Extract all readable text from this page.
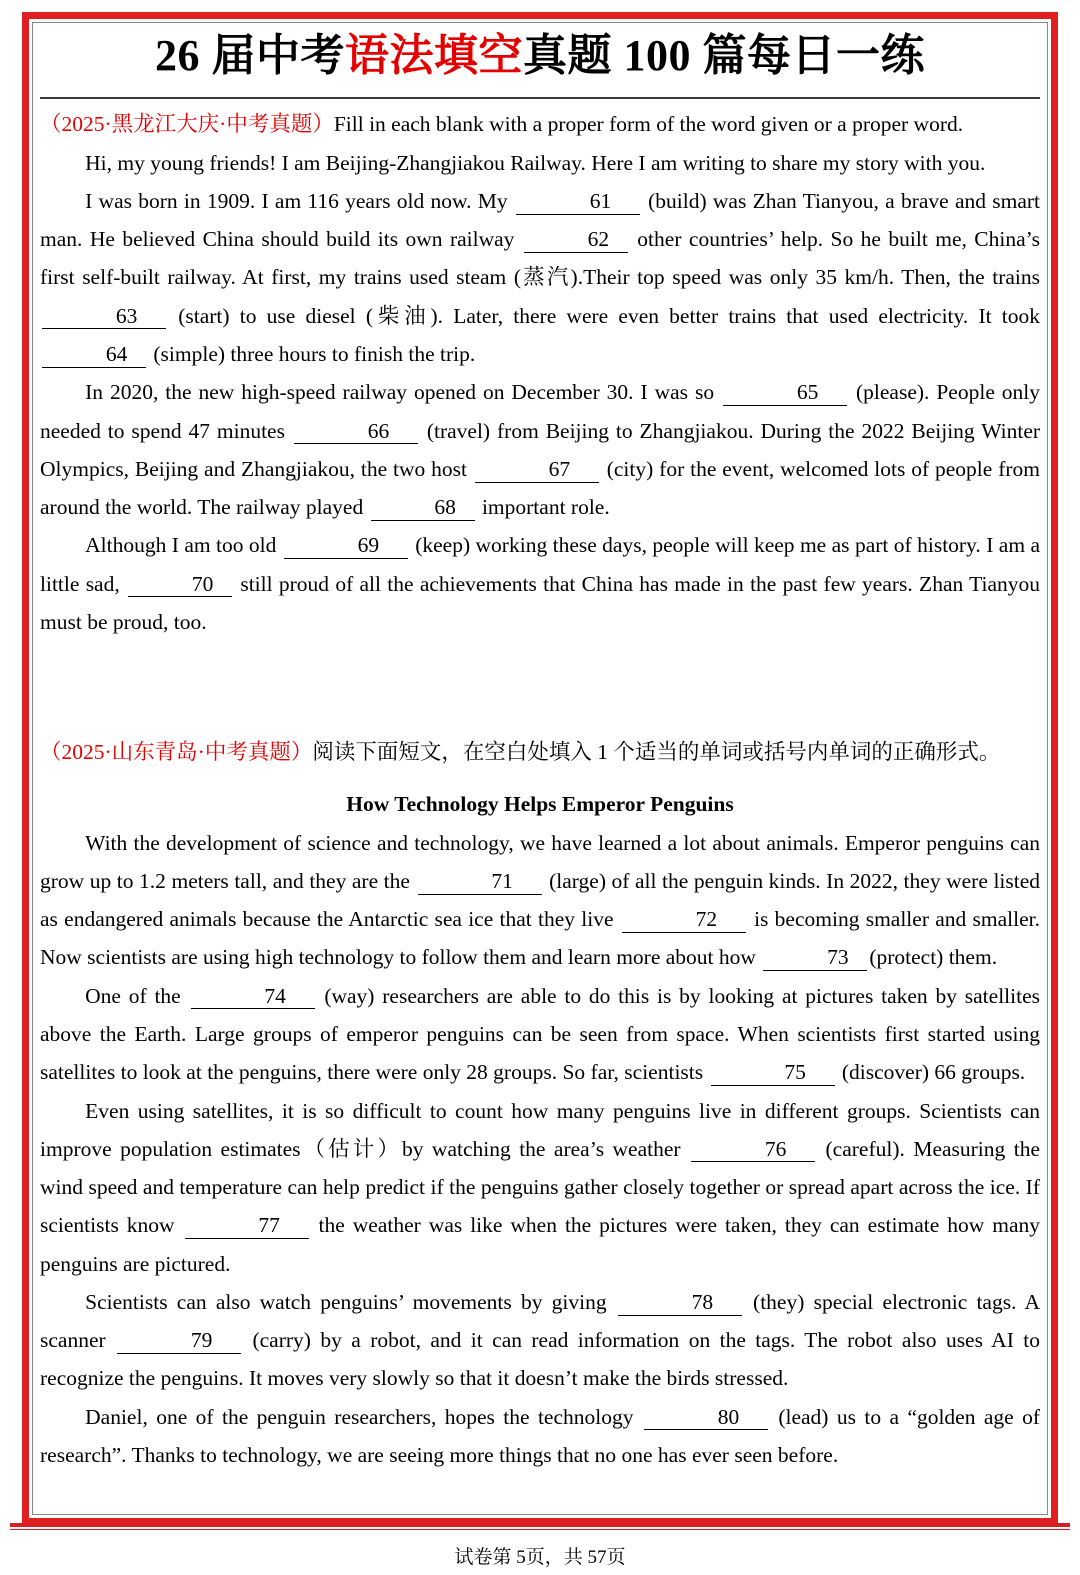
26 届中考语法填空真题 100 篇每日一练

（2025·黑龙江大庆·中考真题）Fill in each blank with a proper form of the word given or a proper word.

Hi, my young friends! I am Beijing-Zhangjiakou Railway. Here I am writing to share my story with you.

I was born in 1909. I am 116 years old now. My	61 (build) was Zhan Tianyou, a brave and smart man. He believed China should build its own railway	62 other countries’ help. So he built me, China’s first self-built railway. At first, my trains used steam (蒸汽).Their top speed was only 35 km/h. Then, the trains 63 (start) to use diesel (柴油). Later, there were even better trains that used electricity. It took 64 (simple) three hours to finish the trip.

In 2020, the new high-speed railway opened on December 30. I was so	65 (please). People only needed to spend 47 minutes	66 (travel) from Beijing to Zhangjiakou. During the 2022 Beijing Winter Olympics, Beijing and Zhangjiakou, the two host	67 (city) for the event, welcomed lots of people from around the world. The railway played	68 important role.

Although I am too old	69 (keep) working these days, people will keep me as part of history. I am a little sad,	70 still proud of all the achievements that China has made in the past few years. Zhan Tianyou must be proud, too.

（2025·山东青岛·中考真题）阅读下面短文，在空白处填入 1 个适当的单词或括号内单词的正确形式。

How Technology Helps Emperor Penguins

With the development of science and technology, we have learned a lot about animals. Emperor penguins can grow up to 1.2 meters tall, and they are the	71 (large) of all the penguin kinds. In 2022, they were listed as endangered animals because the Antarctic sea ice that they live	72 is becoming smaller and smaller. Now scientists are using high technology to follow them and learn more about how	73 (protect) them.

One of the	74 (way) researchers are able to do this is by looking at pictures taken by satellites above the Earth. Large groups of emperor penguins can be seen from space. When scientists first started using satellites to look at the penguins, there were only 28 groups. So far, scientists	75 (discover) 66 groups.

Even using satellites, it is so difficult to count how many penguins live in different groups. Scientists can improve population estimates（估计）by watching the area’s weather	76 (careful). Measuring the wind speed and temperature can help predict if the penguins gather closely together or spread apart across the ice. If scientists know	77 the weather was like when the pictures were taken, they can estimate how many penguins are pictured.

Scientists can also watch penguins’ movements by giving	78 (they) special electronic tags. A scanner	79 (carry) by a robot, and it can read information on the tags. The robot also uses AI to recognize the penguins. It moves very slowly so that it doesn’t make the birds stressed.

Daniel, one of the penguin researchers, hopes the technology	80 (lead) us to a “golden age of research”. Thanks to technology, we are seeing more things that no one has ever seen before.

试卷第 5页，共 57页
